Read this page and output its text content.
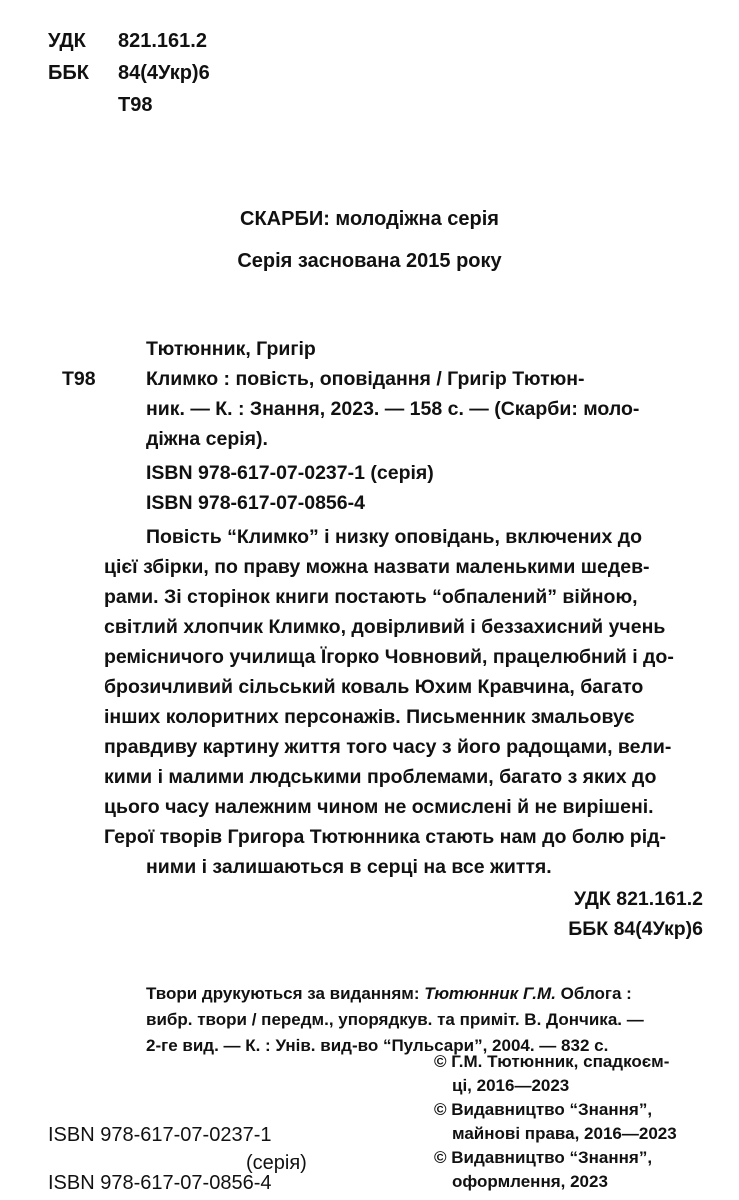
УДК 821.161.2
ББК 84(4Укр)6
Т98
СКАРБИ: молодіжна серія
Серія заснована 2015 року
Тютюнник, Григір
Т98	Климко : повість, оповідання / Григір Тютюн-
ник. — К. : Знання, 2023. — 158 с. — (Скарби: моло-
діжна серія).
ISBN 978-617-07-0237-1 (серія)
ISBN 978-617-07-0856-4
Повість “Климко” і низку оповідань, включених до
цієї збірки, по праву можна назвати маленькими шедев-
рами. Зі сторінок книги постають “обпалений” війною,
світлий хлопчик Климко, довірливий і беззахисний учень
ремісничого училища Їгорко Човновий, працелюбний і до-
брозичливий сільський коваль Юхим Кравчина, багато
інших колоритних персонажів. Письменник змальовує
правдиву картину життя того часу з його радощами, вели-
кими і малими людськими проблемами, багато з яких до
цього часу належним чином не осмислені й не вирішені.
Герої творів Григора Тютюнника стають нам до болю рід-
ними і залишаються в серці на все життя.
УДК 821.161.2
ББК 84(4Укр)6
Твори друкуються за виданням: Тютюнник Г.М. Облога :
вибр. твори / передм., упорядкув. та приміт. В. Дончика. —
2-ге вид. — К. : Унів. вид-во “Пульсари”, 2004. — 832 с.
ISBN 978-617-07-0237-1
(серія)
ISBN 978-617-07-0856-4
© Г.М. Тютюнник, спадкоєм-
ці, 2016—2023
© Видавництво “Знання”,
майнові права, 2016—2023
© Видавництво “Знання”,
оформлення, 2023
